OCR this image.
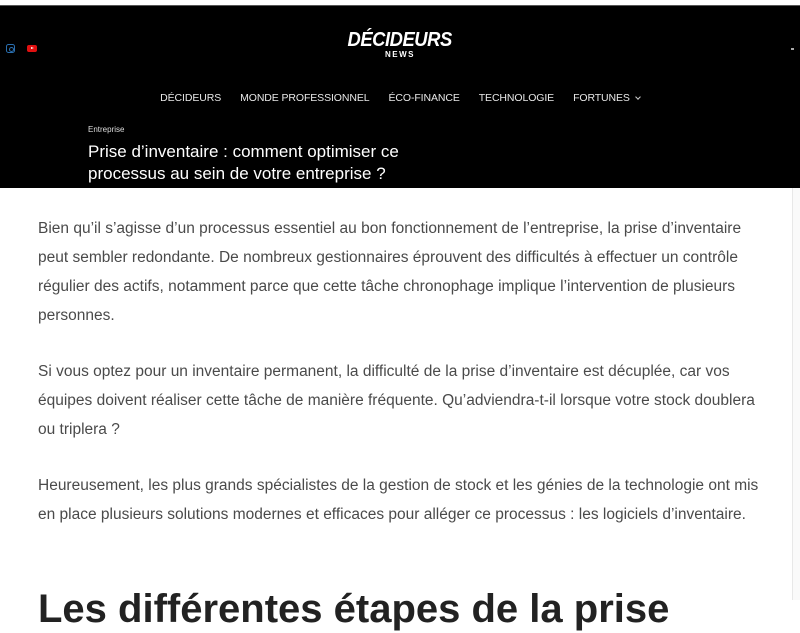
DÉCIDEURS
NEWS
DÉCIDEURS MONDE PROFESSIONNEL ÉCO-FINANCE TECHNOLOGIE FORTUNES
Entreprise
Prise d’inventaire : comment optimiser ce processus au sein de votre entreprise ?

Bien qu’il s’agisse d’un processus essentiel au bon fonctionnement de l’entreprise, la prise d’inventaire peut sembler redondante. De nombreux gestionnaires éprouvent des difficultés à effectuer un contrôle régulier des actifs, notamment parce que cette tâche chronophage implique l’intervention de plusieurs personnes.

Si vous optez pour un inventaire permanent, la difficulté de la prise d’inventaire est décuplée, car vos équipes doivent réaliser cette tâche de manière fréquente. Qu’adviendra-t-il lorsque votre stock doublera ou triplera ?

Heureusement, les plus grands spécialistes de la gestion de stock et les génies de la technologie ont mis en place plusieurs solutions modernes et efficaces pour alléger ce processus : les logiciels d’inventaire.

Les différentes étapes de la prise
